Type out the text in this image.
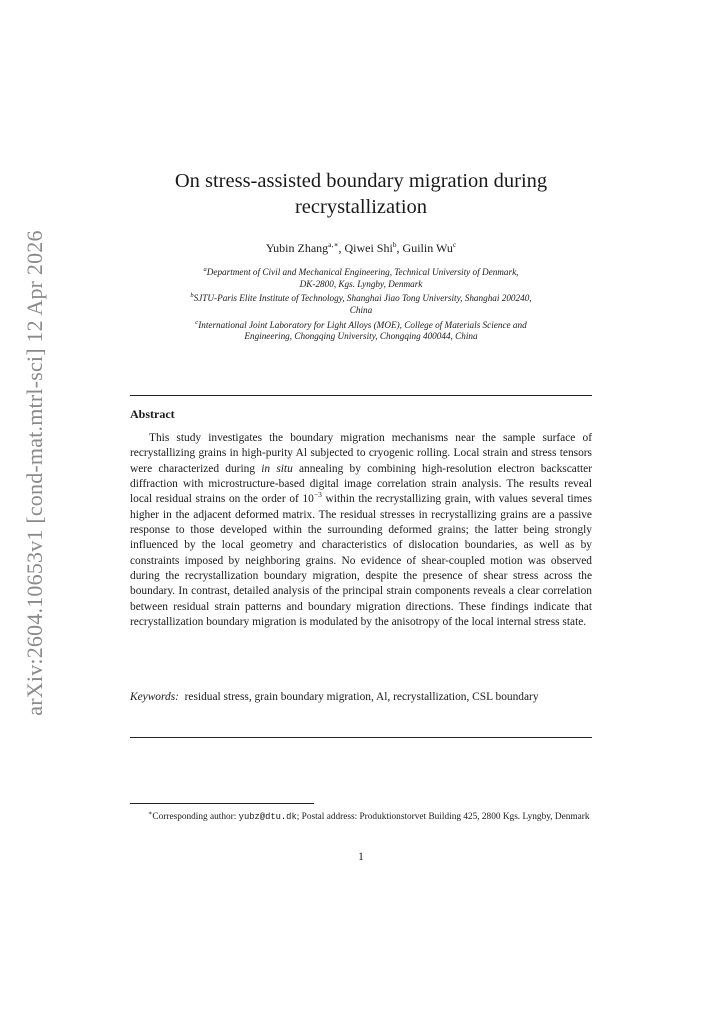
arXiv:2604.10653v1 [cond-mat.mtrl-sci] 12 Apr 2026
On stress-assisted boundary migration during
recrystallization
Yubin Zhang$^{a,∗}$, Qiwei Shi$^b$, Guilin Wu$^c$

$^a$Department of Civil and Mechanical Engineering, Technical University of Denmark,
DK-2800, Kgs. Lyngby, Denmark

$^b$SJTU-Paris Elite Institute of Technology, Shanghai Jiao Tong University, Shanghai 200240,
China

$^c$International Joint Laboratory for Light Alloys (MOE), College of Materials Science and
Engineering, Chongqing University, Chongqing 400044, China

Abstract

This study investigates the boundary migration mechanisms near the sample surface of recrystallizing grains in high-purity Al subjected to cryogenic rolling. Local strain and stress tensors were characterized during in situ annealing by combining high-resolution electron backscatter diffraction with microstructure-based digital image correlation strain analysis. The results reveal local residual strains on the order of $10^{-3}$ within the recrystallizing grain, with values several times higher in the adjacent deformed matrix. The residual stresses in recrystallizing grains are a passive response to those developed within the surrounding deformed grains; the latter being strongly influenced by the local geometry and characteristics of dislocation boundaries, as well as by constraints imposed by neighboring grains. No evidence of shear-coupled motion was observed during the recrystallization boundary migration, despite the presence of shear stress across the boundary. In contrast, detailed analysis of the principal strain components reveals a clear correlation between residual strain patterns and boundary migration directions. These findings indicate that recrystallization boundary migration is modulated by the anisotropy of the local internal stress state.

Keywords: residual stress, grain boundary migration, Al, recrystallization, CSL boundary

∗Corresponding author: yubz@dtu.dk; Postal address: Produktionstorvet Building 425, 2800 Kgs. Lyngby, Denmark

1
